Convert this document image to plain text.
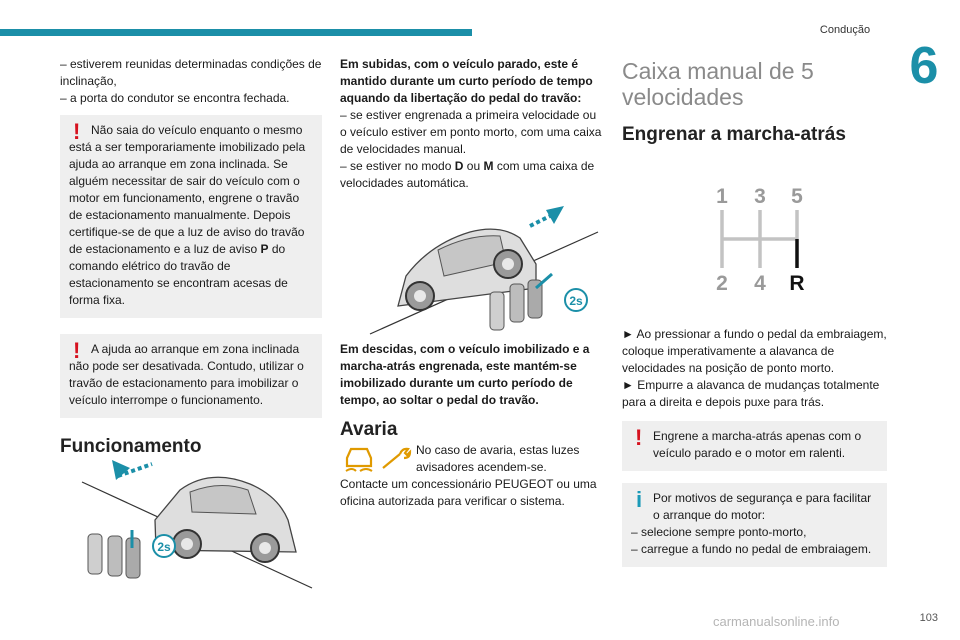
Condução
6

– estiverem reunidas determinadas condições de inclinação,

– a porta do condutor se encontra fechada.

! Não saia do veículo enquanto o mesmo está a ser temporariamente imobilizado pela ajuda ao arranque em zona inclinada. Se alguém necessitar de sair do veículo com o motor em funcionamento, engrene o travão de estacionamento manualmente. Depois certifique-se de que a luz de aviso do travão de estacionamento e a luz de aviso P do comando elétrico do travão de estacionamento se encontram acesas de forma fixa.

! A ajuda ao arranque em zona inclinada não pode ser desativada. Contudo, utilizar o travão de estacionamento para imobilizar o veículo interrompe o funcionamento.

Funcionamento
2s

Em subidas, com o veículo parado, este é mantido durante um curto período de tempo aquando da libertação do pedal do travão:

– se estiver engrenada a primeira velocidade ou o veículo estiver em ponto morto, com uma caixa de velocidades manual.

– se estiver no modo D ou M com uma caixa de velocidades automática.

2s

Em descidas, com o veículo imobilizado e a marcha-atrás engrenada, este mantém-se imobilizado durante um curto período de tempo, ao soltar o pedal do travão.

Avaria

No caso de avaria, estas luzes avisadores acendem-se.

Contacte um concessionário PEUGEOT ou uma oficina autorizada para verificar o sistema.

Caixa manual de 5 velocidades
Engrenar a marcha-atrás
1 3 5
2 4 R

► Ao pressionar a fundo o pedal da embraiagem, coloque imperativamente a alavanca de velocidades na posição de ponto morto.

► Empurre a alavanca de mudanças totalmente para a direita e depois puxe para trás.

! Engrene a marcha-atrás apenas com o veículo parado e o motor em ralenti.

i Por motivos de segurança e para facilitar o arranque do motor:

– selecione sempre ponto-morto,

– carregue a fundo no pedal de embraiagem.

carmanualsonline.info	103
